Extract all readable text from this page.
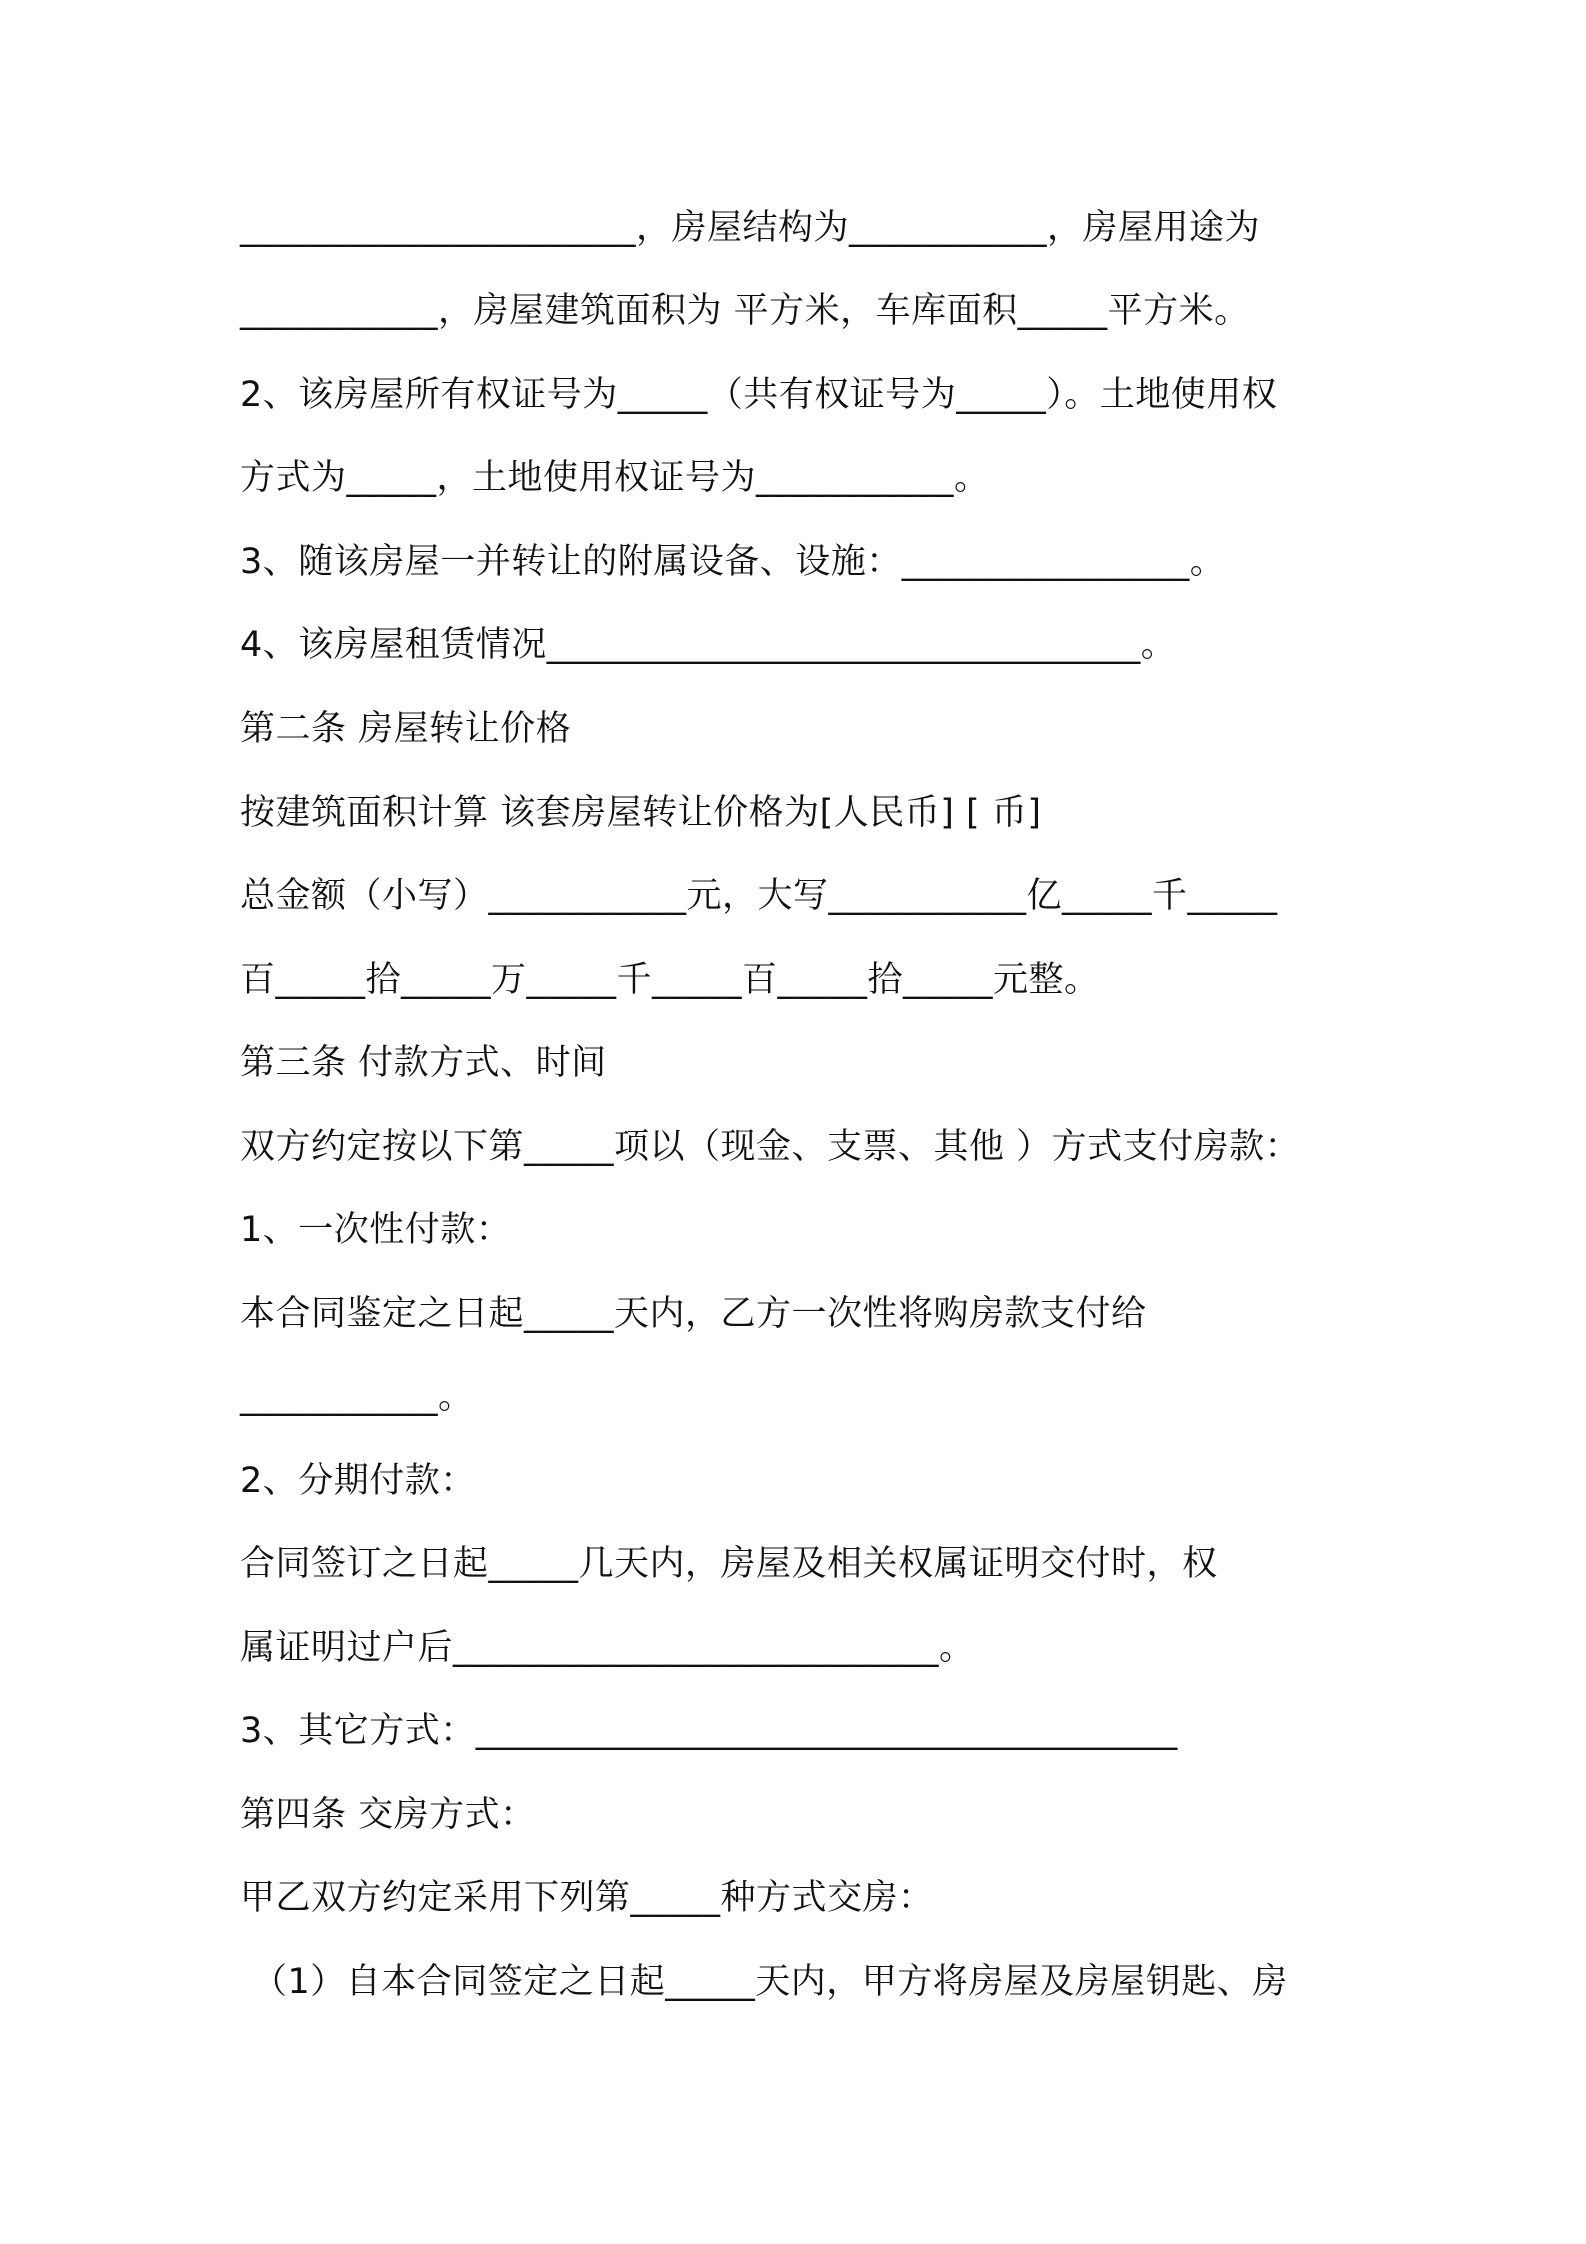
______________________，房屋结构为___________，房屋用途为
___________，房屋建筑面积为 平方米，车库面积_____平方米。
2、该房屋所有权证号为_____（共有权证号为_____）。土地使用权
方式为_____，土地使用权证号为___________。
3、随该房屋一并转让的附属设备、设施：________________。
4、该房屋租赁情况_________________________________。
第二条 房屋转让价格
按建筑面积计算 该套房屋转让价格为[人民币] [ 币]
总金额（小写）___________元，大写___________亿_____千_____
百_____拾_____万_____千_____百_____拾_____元整。
第三条 付款方式、时间
双方约定按以下第_____项以（现金、支票、其他 ）方式支付房款：
1、一次性付款：
本合同鉴定之日起_____天内，乙方一次性将购房款支付给
___________。
2、分期付款：
合同签订之日起_____几天内，房屋及相关权属证明交付时，权
属证明过户后___________________________。
3、其它方式：_______________________________________
第四条 交房方式：
甲乙双方约定采用下列第_____种方式交房：
（1）自本合同签定之日起_____天内，甲方将房屋及房屋钥匙、房
